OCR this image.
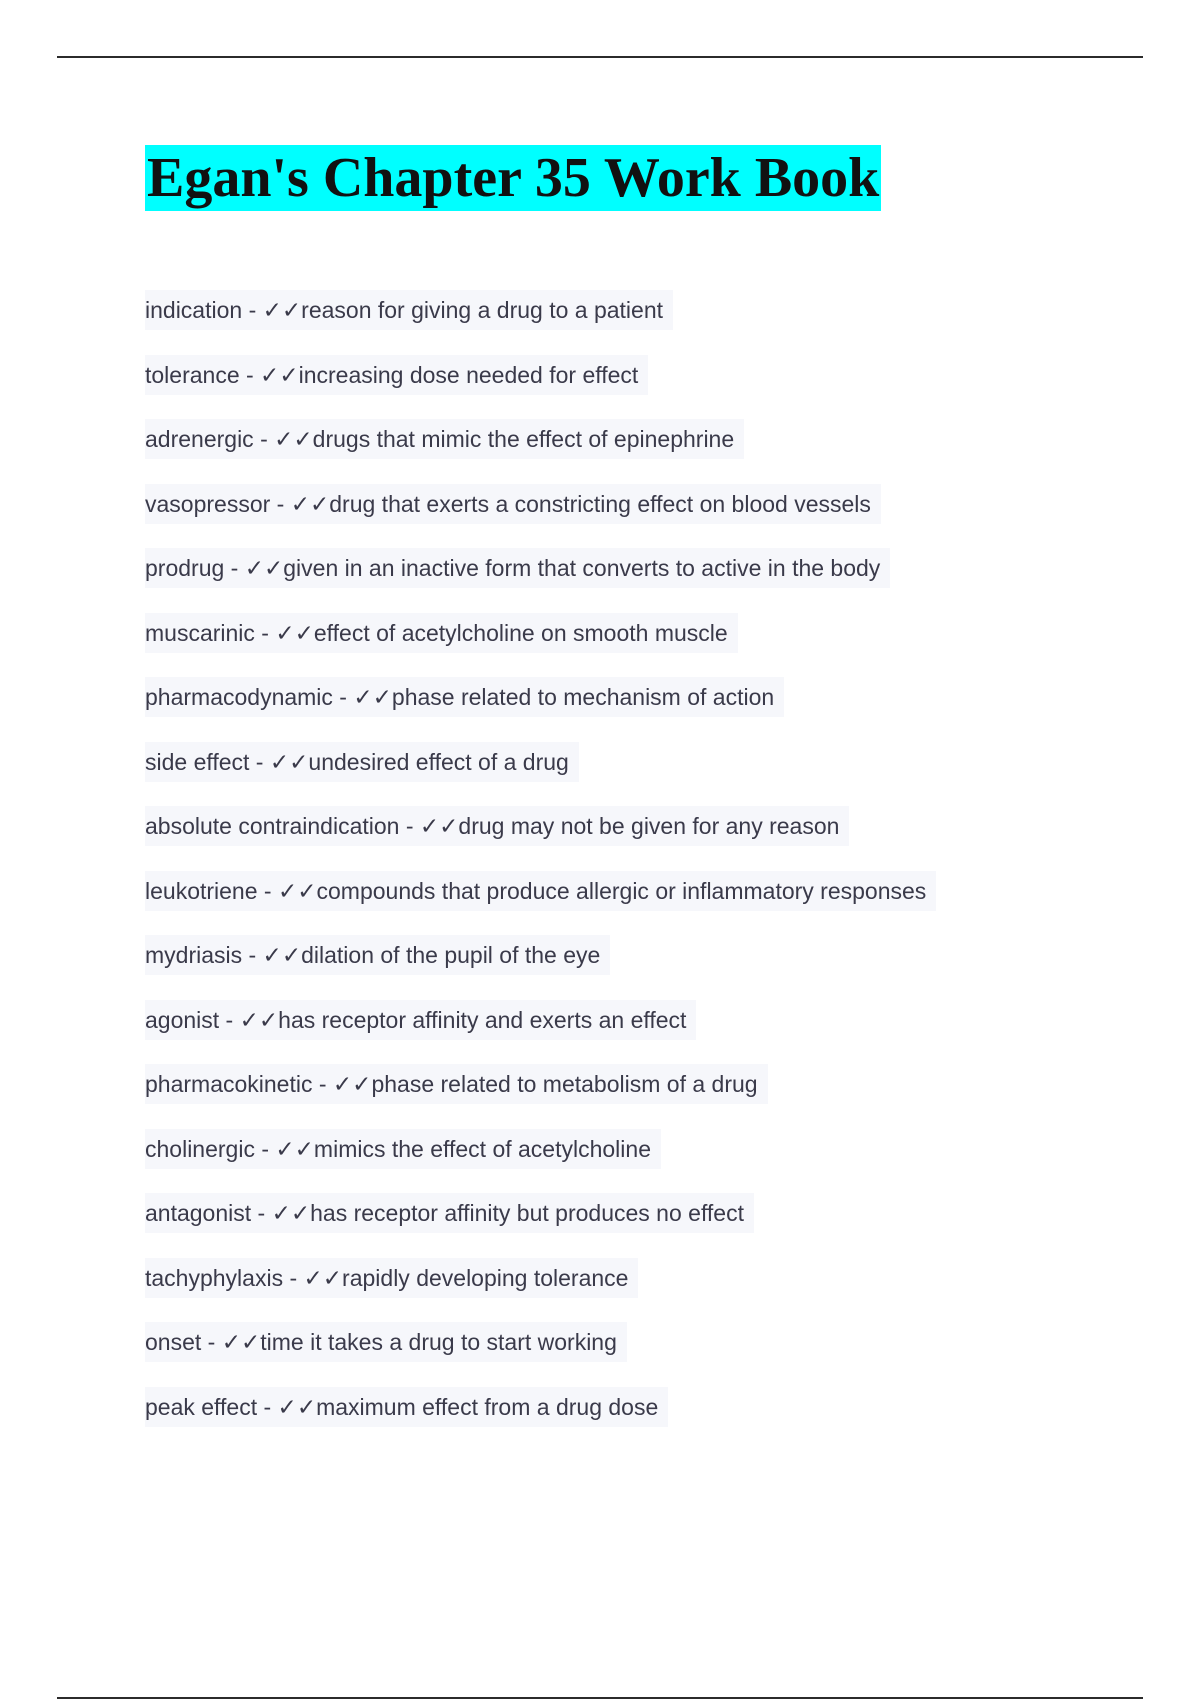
Egan's Chapter 35 Work Book
indication - ✓✓reason for giving a drug to a patient
tolerance - ✓✓increasing dose needed for effect
adrenergic - ✓✓drugs that mimic the effect of epinephrine
vasopressor - ✓✓drug that exerts a constricting effect on blood vessels
prodrug - ✓✓given in an inactive form that converts to active in the body
muscarinic - ✓✓effect of acetylcholine on smooth muscle
pharmacodynamic - ✓✓phase related to mechanism of action
side effect - ✓✓undesired effect of a drug
absolute contraindication - ✓✓drug may not be given for any reason
leukotriene - ✓✓compounds that produce allergic or inflammatory responses
mydriasis - ✓✓dilation of the pupil of the eye
agonist - ✓✓has receptor affinity and exerts an effect
pharmacokinetic - ✓✓phase related to metabolism of a drug
cholinergic - ✓✓mimics the effect of acetylcholine
antagonist - ✓✓has receptor affinity but produces no effect
tachyphylaxis - ✓✓rapidly developing tolerance
onset - ✓✓time it takes a drug to start working
peak effect - ✓✓maximum effect from a drug dose
